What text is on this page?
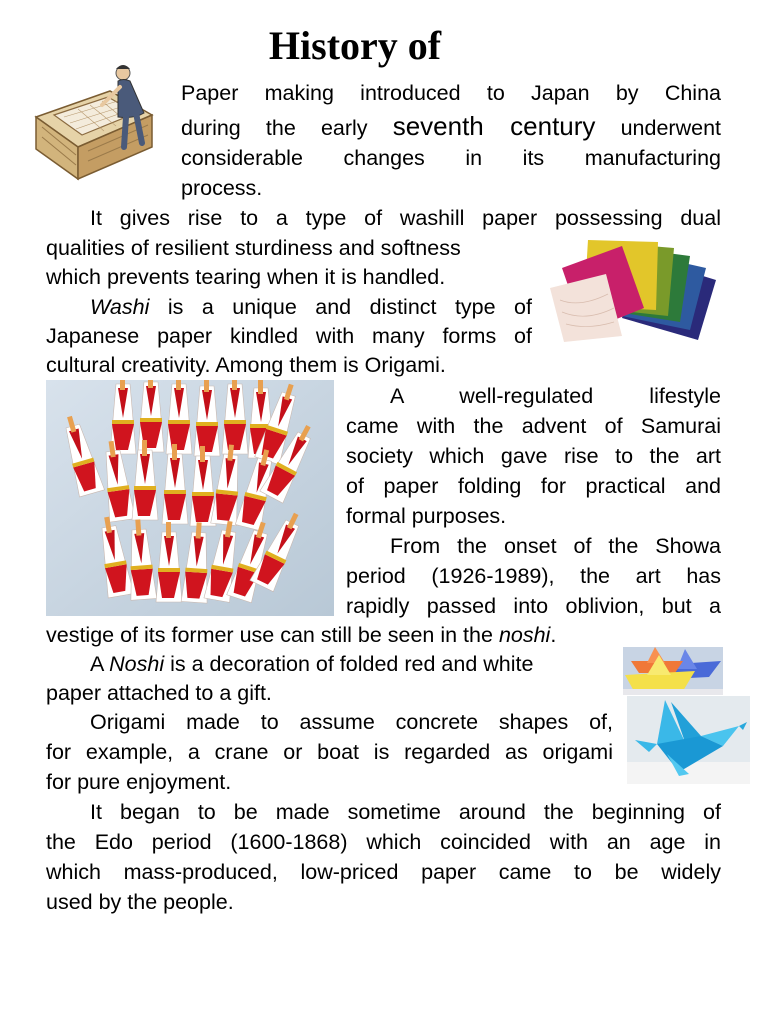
History of
Paper making introduced to Japan by China
during the early seventh century underwent
considerable changes in its manufacturing
process.
It gives rise to a type of washill paper possessing dual
qualities of resilient sturdiness and softness
which prevents tearing when it is handled.
Washi is a unique and distinct type of
Japanese paper kindled with many forms of
cultural creativity. Among them is Origami.
A well-regulated lifestyle
came with the advent of Samurai
society which gave rise to the art
of paper folding for practical and
formal purposes.
From the onset of the Showa
period (1926-1989), the art has
rapidly passed into oblivion, but a
vestige of its former use can still be seen in the noshi.
A Noshi is a decoration of folded red and white
paper attached to a gift.
Origami made to assume concrete shapes of,
for example, a crane or boat is regarded as origami
for pure enjoyment.
It began to be made sometime around the beginning of
the Edo period (1600-1868) which coincided with an age in
which mass-produced, low-priced paper came to be widely
used by the people.
